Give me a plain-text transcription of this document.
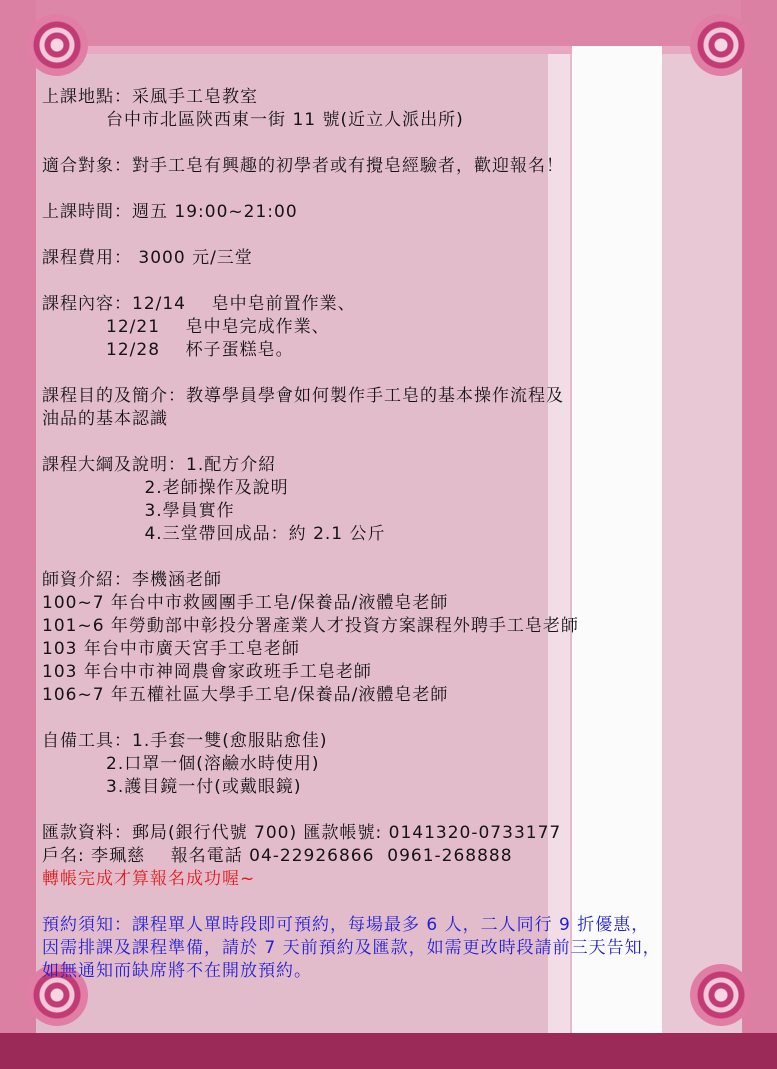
上課地點：采風手工皂教室
台中市北區陝西東一街 11 號(近立人派出所)
適合對象：對手工皂有興趣的初學者或有攪皂經驗者，歡迎報名！
上課時間：週五 19:00~21:00
課程費用： 3000 元/三堂
課程內容：12/14    皂中皂前置作業、
12/21    皂中皂完成作業、
12/28    杯子蛋糕皂。
課程目的及簡介：教導學員學會如何製作手工皂的基本操作流程及
油品的基本認識
課程大綱及說明：1.配方介紹
2.老師操作及說明
3.學員實作
4.三堂帶回成品：約 2.1 公斤
師資介紹：李機涵老師
100~7 年台中市救國團手工皂/保養品/液體皂老師
101~6 年勞動部中彰投分署產業人才投資方案課程外聘手工皂老師
103 年台中市廣天宮手工皂老師
103 年台中市神岡農會家政班手工皂老師
106~7 年五權社區大學手工皂/保養品/液體皂老師
自備工具：1.手套一雙(愈服貼愈佳)
2.口罩一個(溶鹼水時使用)
3.護目鏡一付(或戴眼鏡)
匯款資料：郵局(銀行代號 700) 匯款帳號: 0141320-0733177
戶名: 李珮慈    報名電話 04-22926866  0961-268888
轉帳完成才算報名成功喔~
預約須知：課程單人單時段即可預約，每場最多 6 人，二人同行 9 折優惠，
因需排課及課程準備，請於 7 天前預約及匯款，如需更改時段請前三天告知，
如無通知而缺席將不在開放預約。
